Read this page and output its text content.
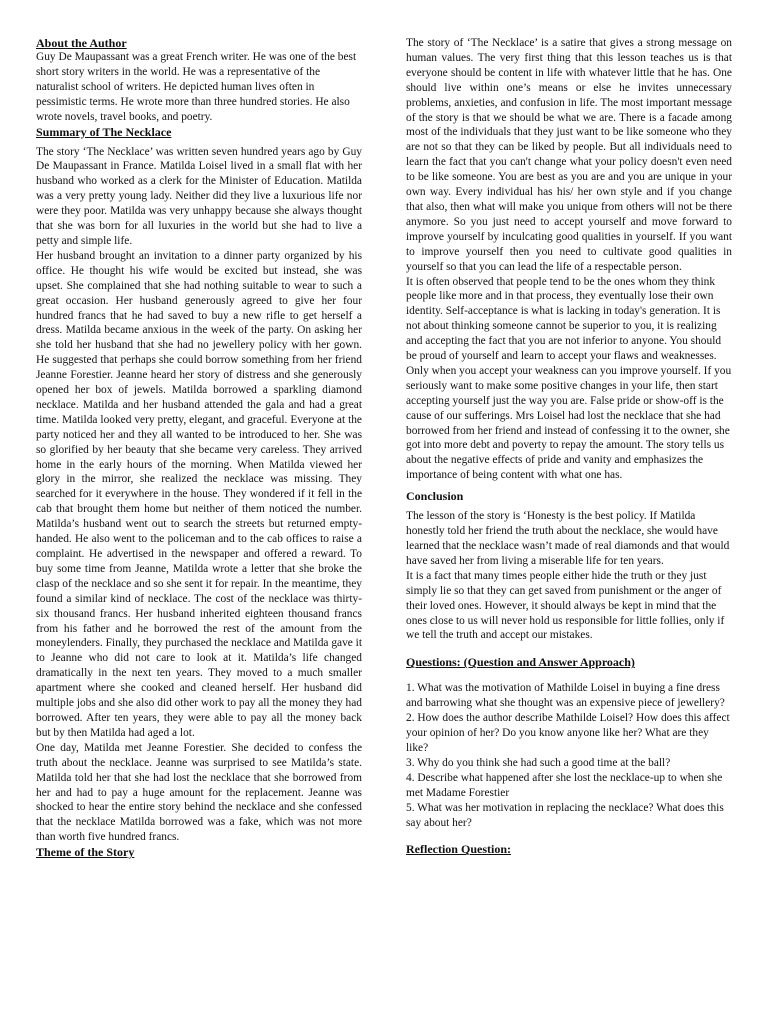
About the Author

Guy De Maupassant was a great French writer. He was one of the best short story writers in the world. He was a representative of the naturalist school of writers. He depicted human lives often in pessimistic terms. He wrote more than three hundred stories. He also wrote novels, travel books, and poetry.

Summary of The Necklace

The story ‘The Necklace’ was written seven hundred years ago by Guy De Maupassant in France. Matilda Loisel lived in a small flat with her husband who worked as a clerk for the Minister of Education. Matilda was a very pretty young lady. Neither did they live a luxurious life nor were they poor. Matilda was very unhappy because she always thought that she was born for all luxuries in the world but she had to live a petty and simple life.

Her husband brought an invitation to a dinner party organized by his office. He thought his wife would be excited but instead, she was upset. She complained that she had nothing suitable to wear to such a great occasion. Her husband generously agreed to give her four hundred francs that he had saved to buy a new rifle to get herself a dress. Matilda became anxious in the week of the party. On asking her she told her husband that she had no jewellery policy with her gown. He suggested that perhaps she could borrow something from her friend Jeanne Forestier. Jeanne heard her story of distress and she generously opened her box of jewels. Matilda borrowed a sparkling diamond necklace. Matilda and her husband attended the gala and had a great time. Matilda looked very pretty, elegant, and graceful. Everyone at the party noticed her and they all wanted to be introduced to her. She was so glorified by her beauty that she became very careless. They arrived home in the early hours of the morning. When Matilda viewed her glory in the mirror, she realized the necklace was missing. They searched for it everywhere in the house. They wondered if it fell in the cab that brought them home but neither of them noticed the number. Matilda’s husband went out to search the streets but returned empty-handed. He also went to the policeman and to the cab offices to raise a complaint. He advertised in the newspaper and offered a reward. To buy some time from Jeanne, Matilda wrote a letter that she broke the clasp of the necklace and so she sent it for repair. In the meantime, they found a similar kind of necklace. The cost of the necklace was thirty-six thousand francs. Her husband inherited eighteen thousand francs from his father and he borrowed the rest of the amount from the moneylenders. Finally, they purchased the necklace and Matilda gave it to Jeanne who did not care to look at it. Matilda’s life changed dramatically in the next ten years. They moved to a much smaller apartment where she cooked and cleaned herself. Her husband did multiple jobs and she also did other work to pay all the money they had borrowed. After ten years, they were able to pay all the money back but by then Matilda had aged a lot.

One day, Matilda met Jeanne Forestier. She decided to confess the truth about the necklace. Jeanne was surprised to see Matilda’s state. Matilda told her that she had lost the necklace that she borrowed from her and had to pay a huge amount for the replacement. Jeanne was shocked to hear the entire story behind the necklace and she confessed that the necklace Matilda borrowed was a fake, which was not more than worth five hundred francs.

Theme of the Story

The story of ‘The Necklace’ is a satire that gives a strong message on human values. The very first thing that this lesson teaches us is that everyone should be content in life with whatever little that he has. One should live within one’s means or else he invites unnecessary problems, anxieties, and confusion in life. The most important message of the story is that we should be what we are. There is a facade among most of the individuals that they just want to be like someone who they are not so that they can be liked by people. But all individuals need to learn the fact that you can't change what your policy doesn't even need to be like someone. You are best as you are and you are unique in your own way. Every individual has his/ her own style and if you change that also, then what will make you unique from others will not be there anymore. So you just need to accept yourself and move forward to improve yourself by inculcating good qualities in yourself. If you want to improve yourself then you need to cultivate good qualities in yourself so that you can lead the life of a respectable person.

It is often observed that people tend to be the ones whom they think people like more and in that process, they eventually lose their own identity. Self-acceptance is what is lacking in today's generation. It is not about thinking someone cannot be superior to you, it is realizing and accepting the fact that you are not inferior to anyone. You should be proud of yourself and learn to accept your flaws and weaknesses. Only when you accept your weakness can you improve yourself. If you seriously want to make some positive changes in your life, then start accepting yourself just the way you are. False pride or show-off is the cause of our sufferings. Mrs Loisel had lost the necklace that she had borrowed from her friend and instead of confessing it to the owner, she got into more debt and poverty to repay the amount. The story tells us about the negative effects of pride and vanity and emphasizes the importance of being content with what one has.

Conclusion

The lesson of the story is ‘Honesty is the best policy. If Matilda honestly told her friend the truth about the necklace, she would have learned that the necklace wasn’t made of real diamonds and that would have saved her from living a miserable life for ten years.

It is a fact that many times people either hide the truth or they just simply lie so that they can get saved from punishment or the anger of their loved ones. However, it should always be kept in mind that the ones close to us will never hold us responsible for little follies, only if we tell the truth and accept our mistakes.

Questions: (Question and Answer Approach)
1. What was the motivation of Mathilde Loisel in buying a fine dress and barrowing what she thought was an expensive piece of jewellery?
2. How does the author describe Mathilde Loisel? How does this affect your opinion of her? Do you know anyone like her? What are they like?
3. Why do you think she had such a good time at the ball?
4. Describe what happened after she lost the necklace-up to when she met Madame Forestier
5. What was her motivation in replacing the necklace? What does this say about her?
Reflection Question:
